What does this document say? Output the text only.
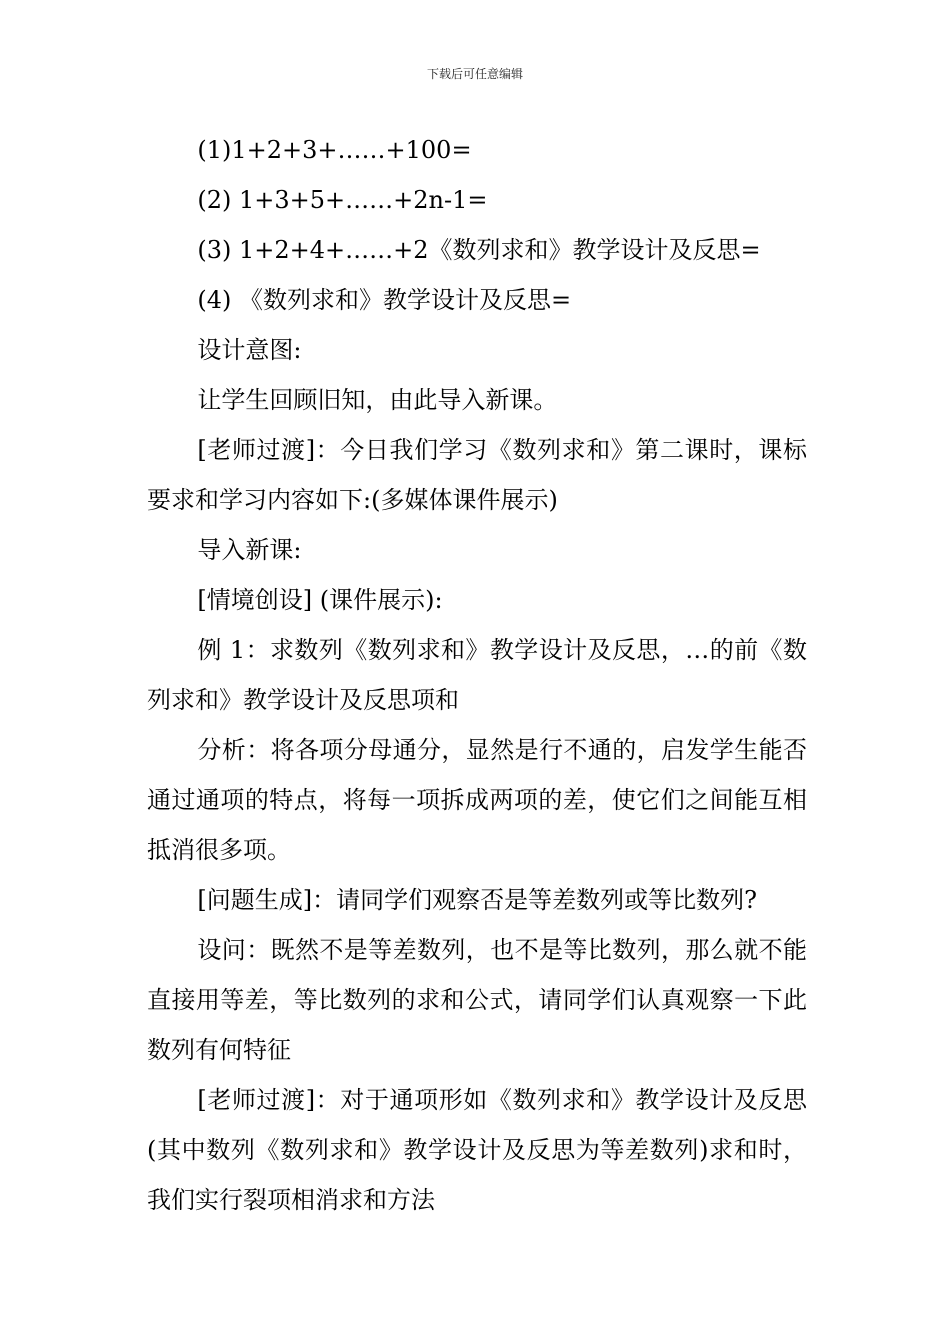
下载后可任意编辑

(1)1+2+3+……+100=

(2) 1+3+5+……+2n-1=

(3) 1+2+4+……+2《数列求和》教学设计及反思=

(4) 《数列求和》教学设计及反思=

设计意图:

让学生回顾旧知，由此导入新课。

[老师过渡]：今日我们学习《数列求和》第二课时，课标要求和学习内容如下:(多媒体课件展示)

导入新课:

[情境创设] (课件展示):

例 1：求数列《数列求和》教学设计及反思，…的前《数列求和》教学设计及反思项和

分析：将各项分母通分，显然是行不通的，启发学生能否通过通项的特点，将每一项拆成两项的差，使它们之间能互相抵消很多项。

[问题生成]：请同学们观察否是等差数列或等比数列?

设问：既然不是等差数列，也不是等比数列，那么就不能直接用等差，等比数列的求和公式，请同学们认真观察一下此数列有何特征

[老师过渡]：对于通项形如《数列求和》教学设计及反思(其中数列《数列求和》教学设计及反思为等差数列)求和时，我们实行裂项相消求和方法
